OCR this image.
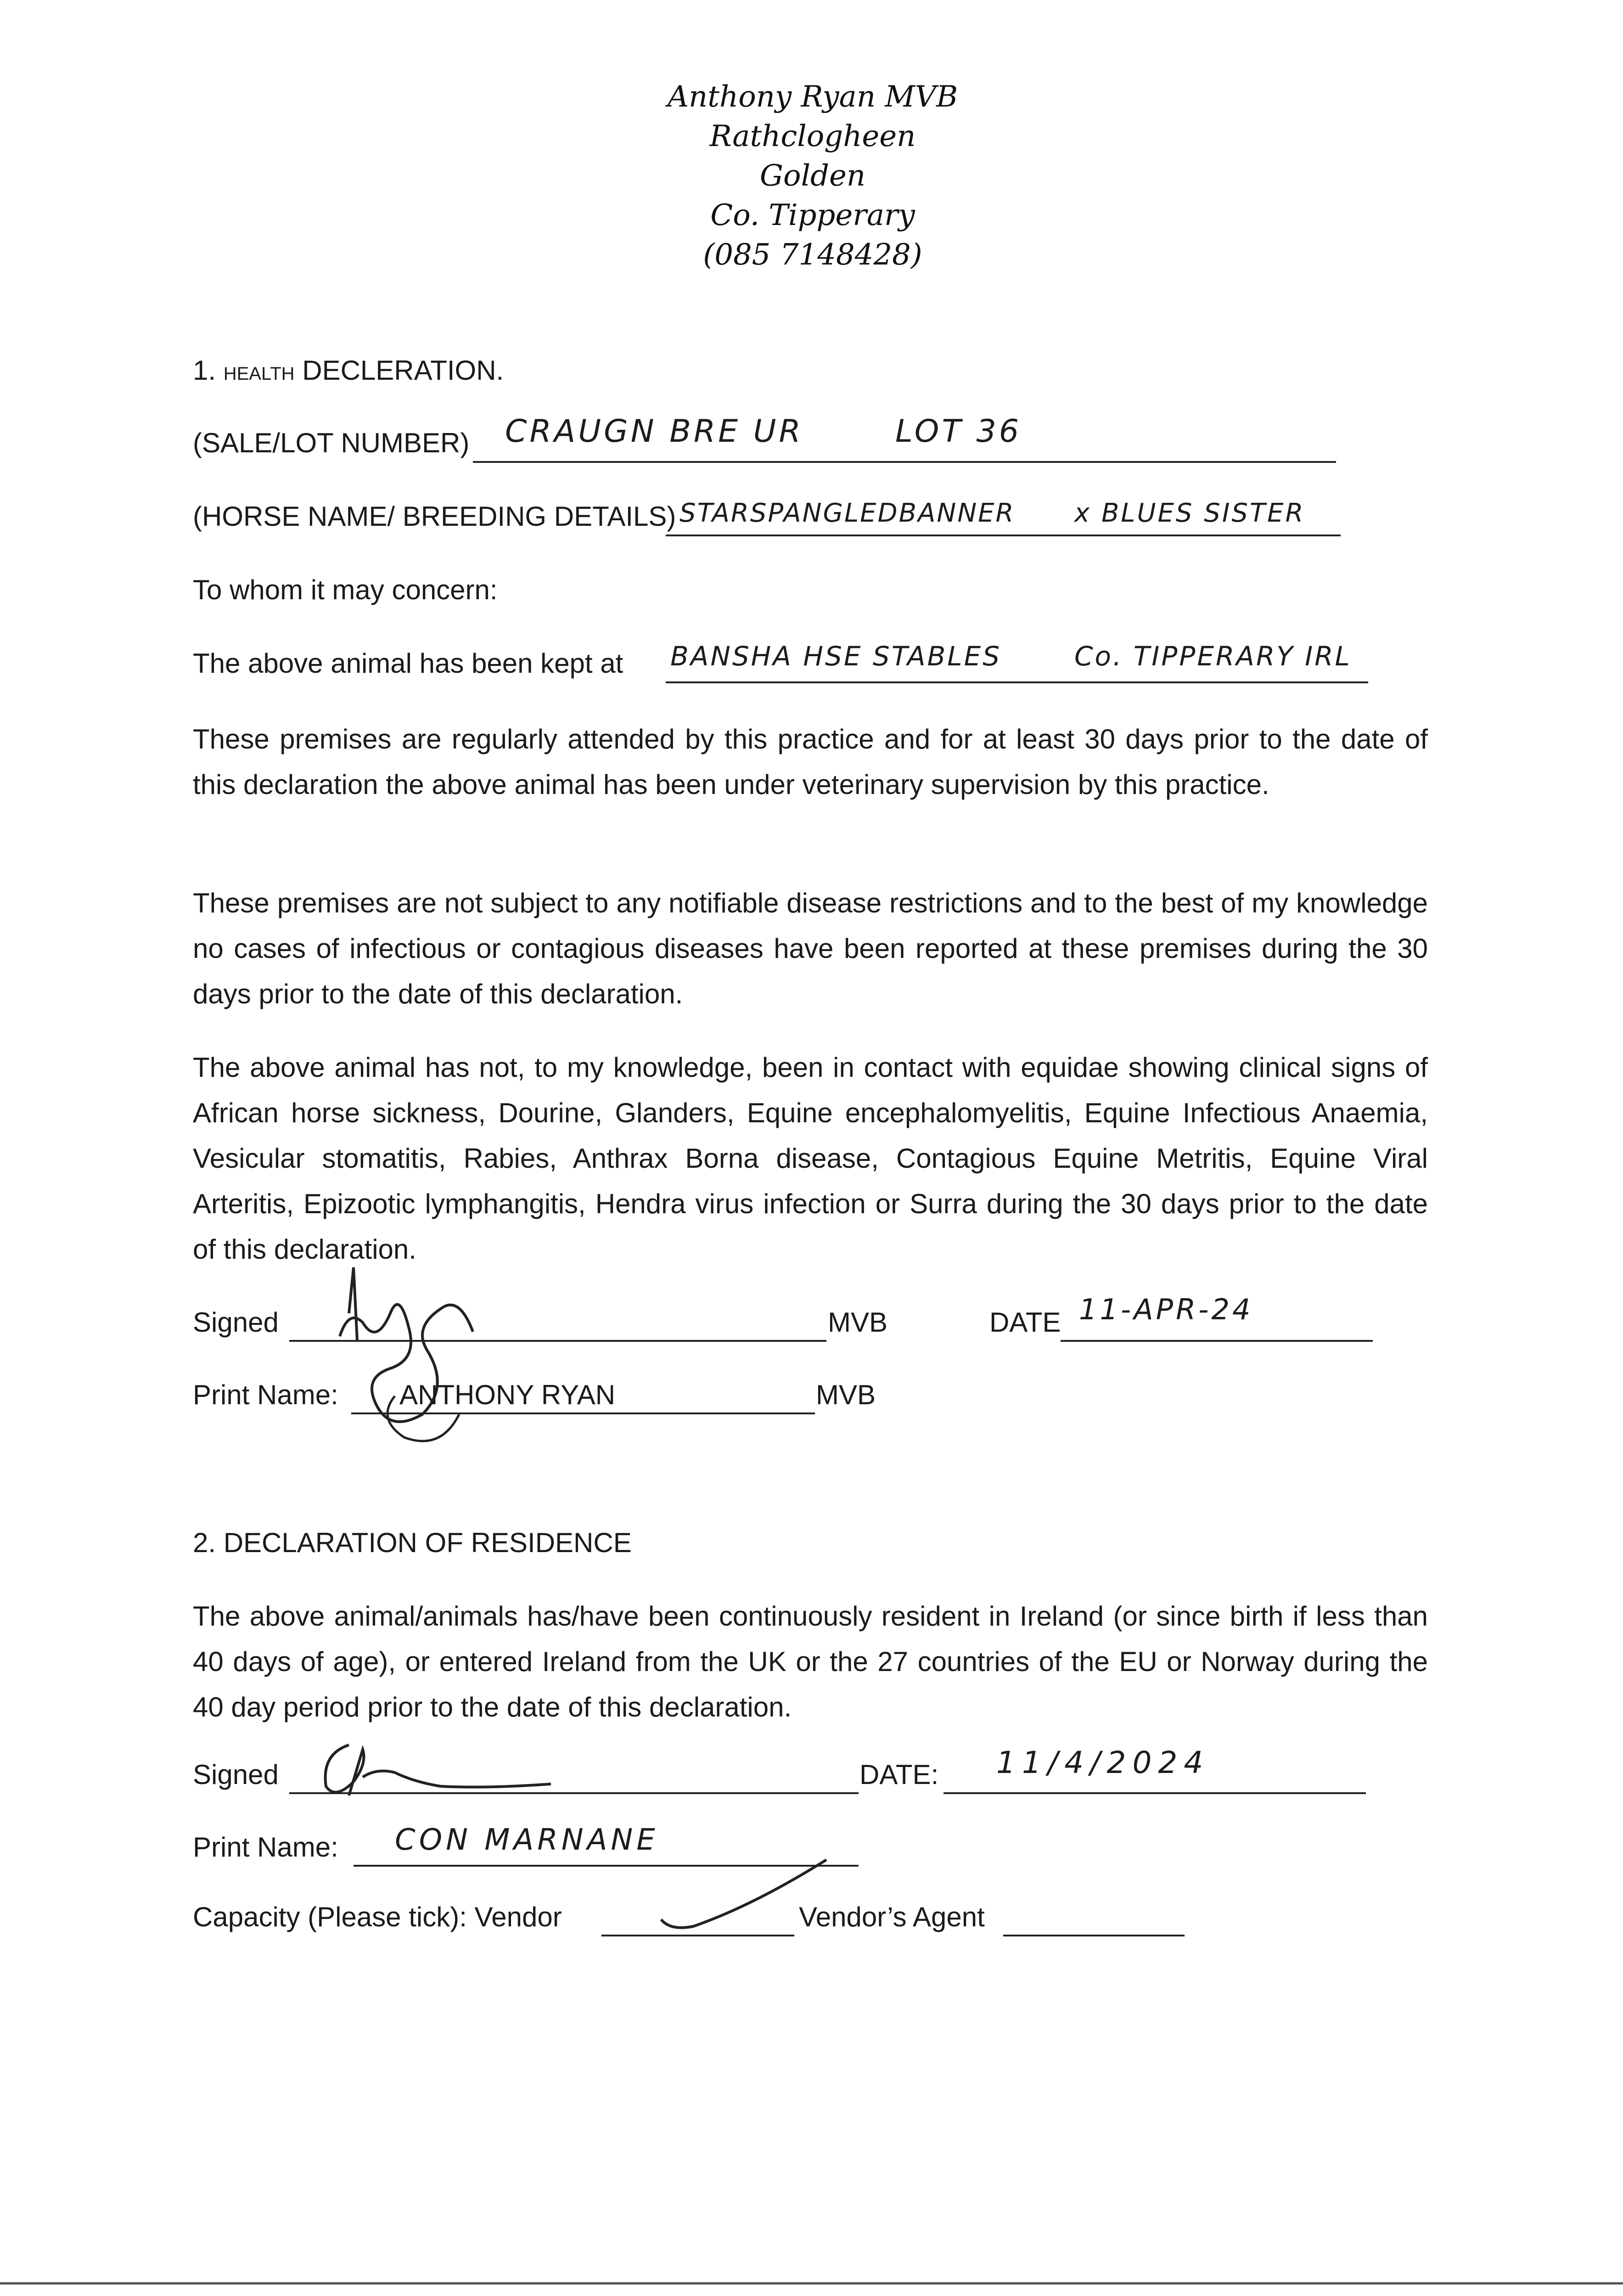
Anthony Ryan MVB
Rathclogheen
Golden
Co. Tipperary
(085 7148428)
1. HEALTH DECLERATION.
(SALE/LOT NUMBER) CRAUGN BRE UR	LOT 36
(HORSE NAME/ BREEDING DETAILS) STARSPANGLEDBANNER x BLUES SISTER
To whom it may concern:
The above animal has been kept at BANSHA HSE STABLES	Co. TIPPERARY IRL
These premises are regularly attended by this practice and for at least 30 days prior to the date of this declaration the above animal has been under veterinary supervision by this practice.
These premises are not subject to any notifiable disease restrictions and to the best of my knowledge no cases of infectious or contagious diseases have been reported at these premises during the 30 days prior to the date of this declaration.
The above animal has not, to my knowledge, been in contact with equidae showing clinical signs of African horse sickness, Dourine, Glanders, Equine encephalomyelitis, Equine Infectious Anaemia, Vesicular stomatitis, Rabies, Anthrax Borna disease, Contagious Equine Metritis, Equine Viral Arteritis, Epizootic lymphangitis, Hendra virus infection or Surra during the 30 days prior to the date of this declaration.
Signed	MVB	DATE 11-APR-24
Print Name: ANTHONY RYAN	MVB
2. DECLARATION OF RESIDENCE
The above animal/animals has/have been continuously resident in Ireland (or since birth if less than 40 days of age), or entered Ireland from the UK or the 27 countries of the EU or Norway during the 40 day period prior to the date of this declaration.
Signed	DATE: 11/4/2024
Print Name: CON MARNANE
Capacity (Please tick): Vendor	Vendor’s Agent
